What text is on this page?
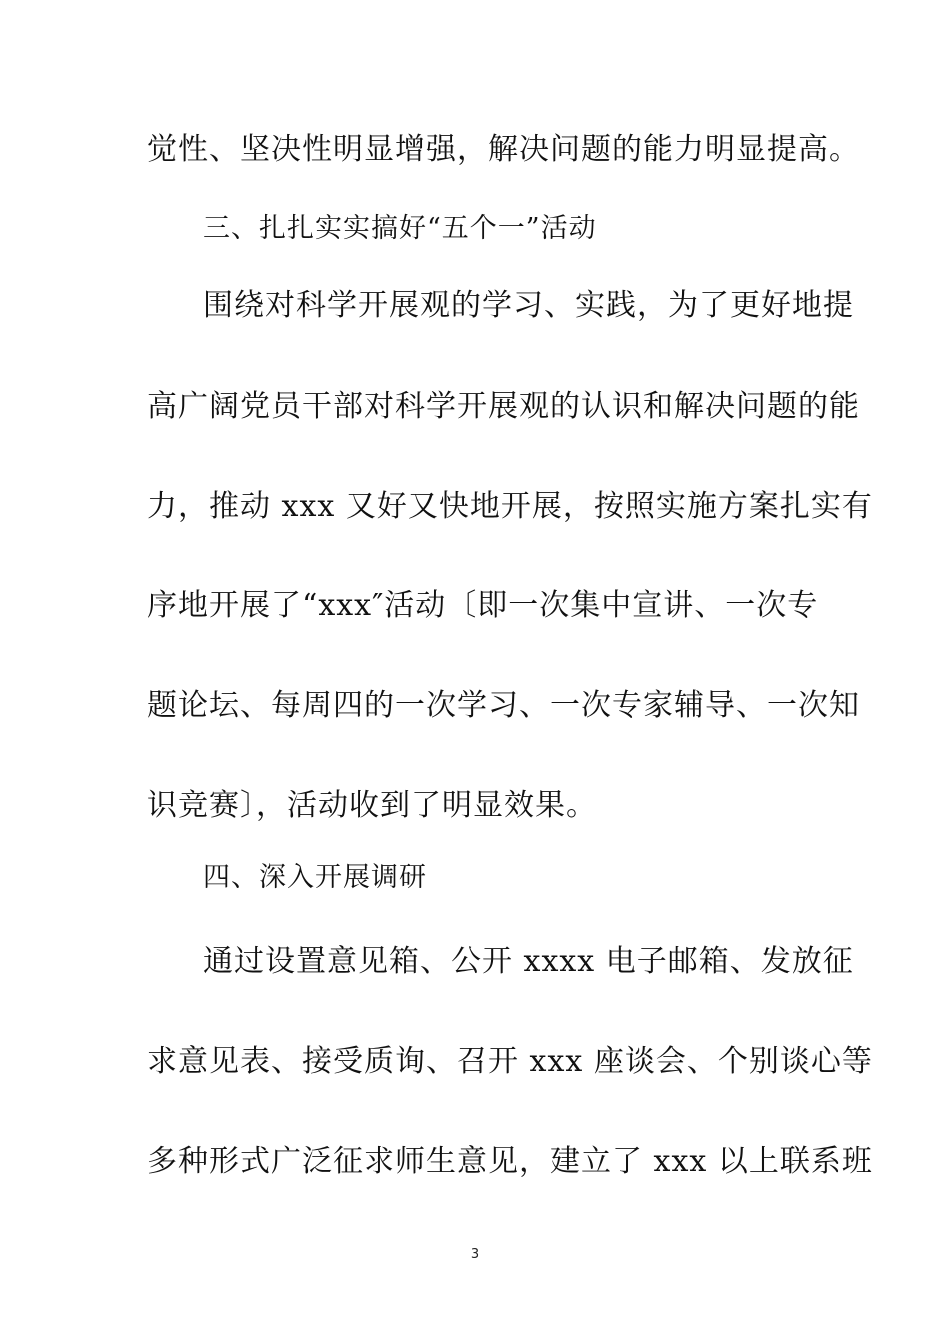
觉性、坚决性明显增强，解决问题的能力明显提高。
三、扎扎实实搞好“五个一”活动
围绕对科学开展观的学习、实践，为了更好地提
高广阔党员干部对科学开展观的认识和解决问题的能
力，推动 xxx 又好又快地开展，按照实施方案扎实有
序地开展了“xxx″活动〔即一次集中宣讲、一次专
题论坛、每周四的一次学习、一次专家辅导、一次知
识竞赛〕，活动收到了明显效果。
四、深入开展调研
通过设置意见箱、公开 xxxx 电子邮箱、发放征
求意见表、接受质询、召开 xxx 座谈会、个别谈心等
多种形式广泛征求师生意见，建立了 xxx 以上联系班
3
